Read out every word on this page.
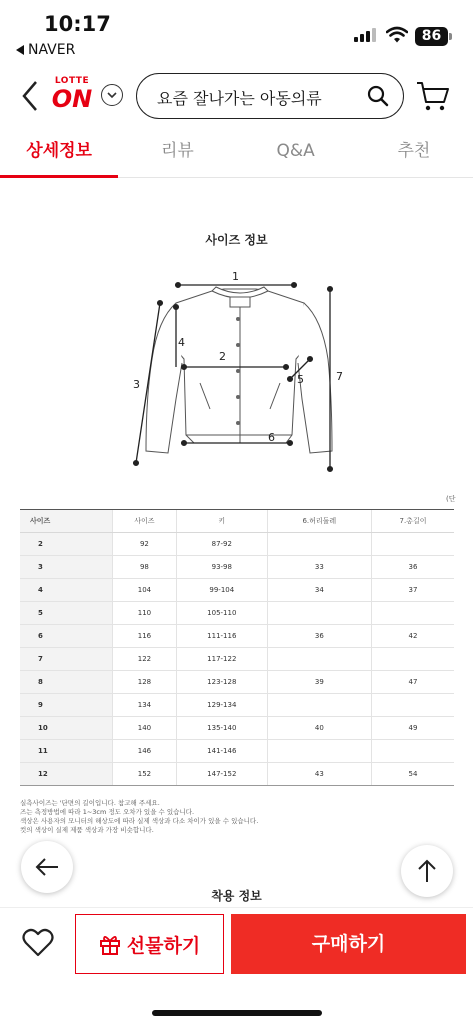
10:17
NAVER
86
LOTTE
ON	요즘 잘나가는 아동의류
상세정보	리뷰	Q&A	추천
사이즈 정보
1
2
3
4
5
6
7
(단
사이즈	사이즈	키	6.허리둘레	7.총길이
2	92	87-92		
3	98	93-98	33	36
4	104	99-104	34	37
5	110	105-110		
6	116	111-116	36	42
7	122	117-122		
8	128	123-128	39	47
9	134	129-134		
10	140	135-140	40	49
11	146	141-146		
12	152	147-152	43	54
실측사이즈는 '단면의 길이입니다. 참고해 주세요.
즈는 측정방법에 따라 1~3cm 정도 오차가 있을 수 있습니다.
색상은 사용자의 모니터의 해상도에 따라 실제 색상과 다소 차이가 있을 수 있습니다.
컷의 색상이 실제 제품 색상과 가장 비슷합니다.
착용 정보
선물하기	구매하기
